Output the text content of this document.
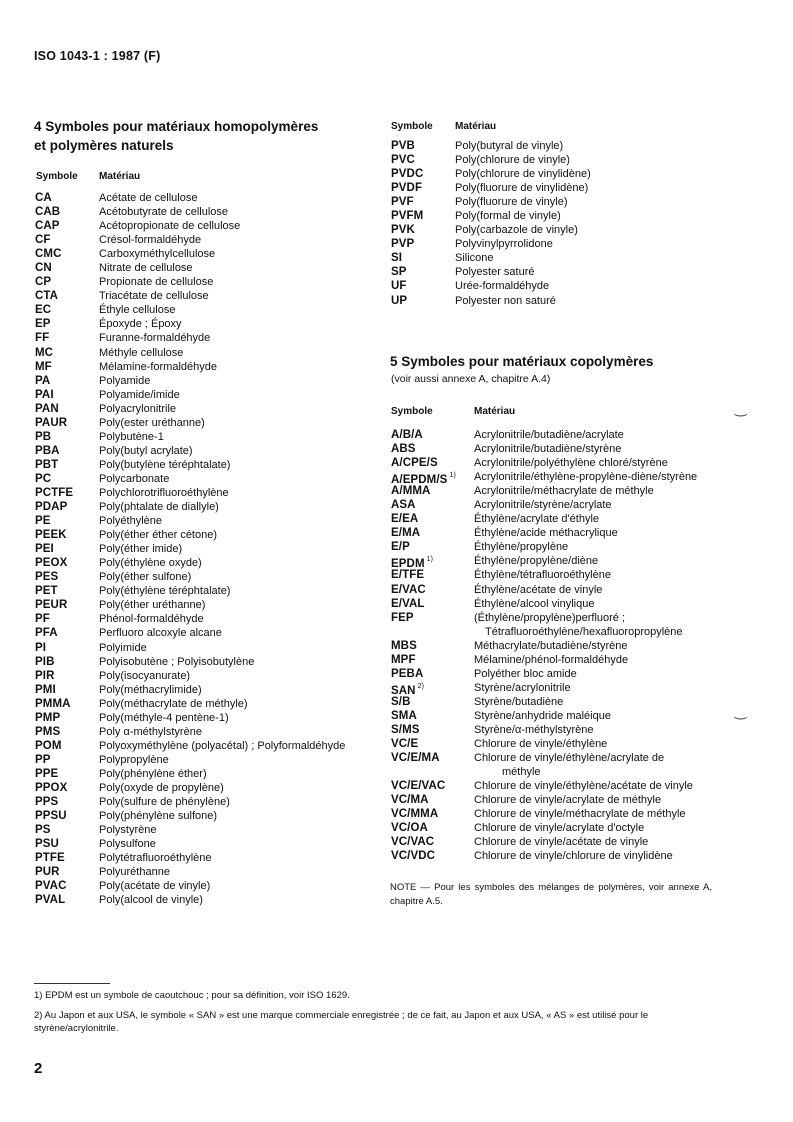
ISO 1043-1 : 1987 (F)
4 Symboles pour matériaux homopolymères
et polymères naturels
Symbole Matériau
CA	Acétate de cellulose
CAB	Acétobutyrate de cellulose
CAP	Acétopropionate de cellulose
CF	Crésol-formaldéhyde
CMC	Carboxyméthylcellulose
CN	Nitrate de cellulose
CP	Propionate de cellulose
CTA	Triacétate de cellulose
EC	Éthyle cellulose
EP	Époxyde ; Époxy
FF	Furanne-formaldéhyde
MC	Méthyle cellulose
MF	Mélamine-formaldéhyde
PA	Polyamide
PAI	Polyamide/imide
PAN	Polyacrylonitrile
PAUR	Poly(ester uréthanne)
PB	Polybutène-1
PBA	Poly(butyl acrylate)
PBT	Poly(butylène téréphtalate)
PC	Polycarbonate
PCTFE Polychlorotrifluoroéthylène
PDAP	Poly(phtalate de diallyle)
PE	Polyéthylène
PEEK	Poly(éther éther cétone)
PEI	Poly(éther imide)
PEOX	Poly(éthylène oxyde)
PES	Poly(éther sulfone)
PET	Poly(éthylène téréphtalate)
PEUR	Poly(éther uréthanne)
PF	Phénol-formaldéhyde
PFA	Perfluoro alcoxyle alcane
PI	Polyimide
PIB	Polyisobutène ; Polyisobutylène
PIR	Poly(isocyanurate)
PMI	Poly(méthacrylimide)
PMMA	Poly(méthacrylate de méthyle)
PMP	Poly(méthyle-4 pentène-1)
PMS	Poly α-méthylstyrène
POM	Polyoxyméthylène (polyacétal) ; Polyformaldéhyde
PP	Polypropylène
PPE	Poly(phénylène éther)
PPOX	Poly(oxyde de propylène)
PPS	Poly(sulfure de phénylène)
PPSU	Poly(phénylène sulfone)
PS	Polystyrène
PSU	Polysulfone
PTFE	Polytétrafluoroéthylène
PUR	Polyuréthanne
PVAC	Poly(acétate de vinyle)
PVAL	Poly(alcool de vinyle)
Symbole Matériau
PVB	Poly(butyral de vinyle)
PVC	Poly(chlorure de vinyle)
PVDC	Poly(chlorure de vinylidène)
PVDF	Poly(fluorure de vinylidène)
PVF	Poly(fluorure de vinyle)
PVFM	Poly(formal de vinyle)
PVK	Poly(carbazole de vinyle)
PVP	Polyvinylpyrrolidone
SI	Silicone
SP	Polyester saturé
UF	Urée-formaldéhyde
UP	Polyester non saturé
5 Symboles pour matériaux copolymères
(voir aussi annexe A, chapitre A.4)
Symbole	Matériau
A/B/A	Acrylonitrile/butadiène/acrylate
ABS	Acrylonitrile/butadiène/styrène
A/CPE/S	Acrylonitrile/polyéthylène chloré/styrène
A/EPDM/S $^{1)}$ Acrylonitrile/éthylène-propylène-diène/styrène
A/MMA	Acrylonitrile/méthacrylate de méthyle
ASA	Acrylonitrile/styrène/acrylate
E/EA	Éthylène/acrylate d'éthyle
E/MA	Éthylène/acide méthacrylique
E/P	Éthylène/propylène
EPDM $^{1)}$	Éthylène/propylène/diène
E/TFE	Éthylène/tétrafluoroéthylène
E/VAC	Éthylène/acétate de vinyle
E/VAL	Éthylène/alcool vinylique
FEP	(Éthylène/propylène)perfluoré ;
Tétrafluoroéthylène/hexafluoropropylène
MBS	Méthacrylate/butadiène/styrène
MPF	Mélamine/phénol-formaldéhyde
PEBA	Polyéther bloc amide
SAN $^{2)}$	Styrène/acrylonitrile
S/B	Styrène/butadiène
SMA	Styrène/anhydride maléique
S/MS	Styrène/α-méthylstyrène
VC/E	Chlorure de vinyle/éthylène
VC/E/MA	Chlorure de vinyle/éthylène/acrylate de
méthyle
VC/E/VAC	Chlorure de vinyle/éthylène/acétate de vinyle
VC/MA	Chlorure de vinyle/acrylate de méthyle
VC/MMA	Chlorure de vinyle/méthacrylate de méthyle
VC/OA	Chlorure de vinyle/acrylate d'octyle
VC/VAC	Chlorure de vinyle/acétate de vinyle
VC/VDC	Chlorure de vinyle/chlorure de vinylidène
NOTE — Pour les symboles des mélanges de polymères, voir annexe A, chapitre A.5.
‿
‿
1) EPDM est un symbole de caoutchouc ; pour sa définition, voir ISO 1629.
2) Au Japon et aux USA, le symbole « SAN » est une marque commerciale enregistrée ; de ce fait, au Japon et aux USA, « AS » est utilisé pour le styrène/acrylonitrile.
2
